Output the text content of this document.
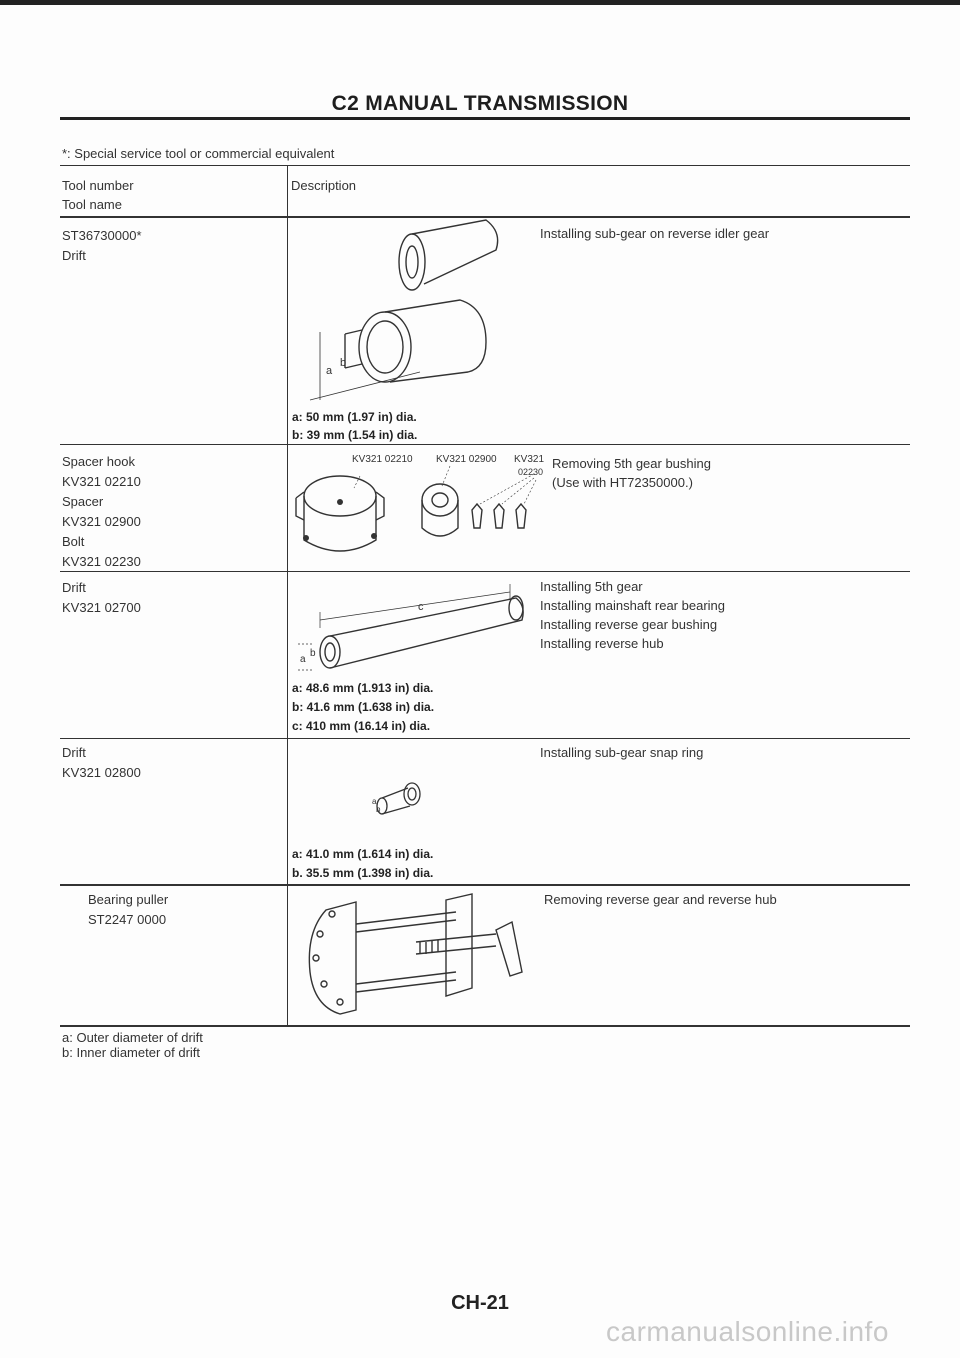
C2 MANUAL TRANSMISSION
*: Special service tool or commercial equivalent
Tool number
Tool name
Description
ST36730000*
Drift
Installing sub-gear on reverse idler gear
a
b
a: 50 mm (1.97 in) dia.
b: 39 mm (1.54 in) dia.
Spacer hook
KV321 02210
Spacer
KV321 02900
Bolt
KV321 02230
Removing 5th gear bushing
(Use with HT72350000.)
KV321 02210 KV321 02900 KV321
02230
Drift
KV321 02700
Installing 5th gear
Installing mainshaft rear bearing
Installing reverse gear bushing
Installing reverse hub
c
a
b
a: 48.6 mm (1.913 in) dia.
b: 41.6 mm (1.638 in) dia.
c: 410 mm (16.14 in) dia.
Drift
KV321 02800
Installing sub-gear snap ring
a
b
a: 41.0 mm (1.614 in) dia.
b. 35.5 mm (1.398 in) dia.
Bearing puller
ST2247 0000
Removing reverse gear and reverse hub
a: Outer diameter of drift
b: Inner diameter of drift
CH-21
carmanualsonline.info
